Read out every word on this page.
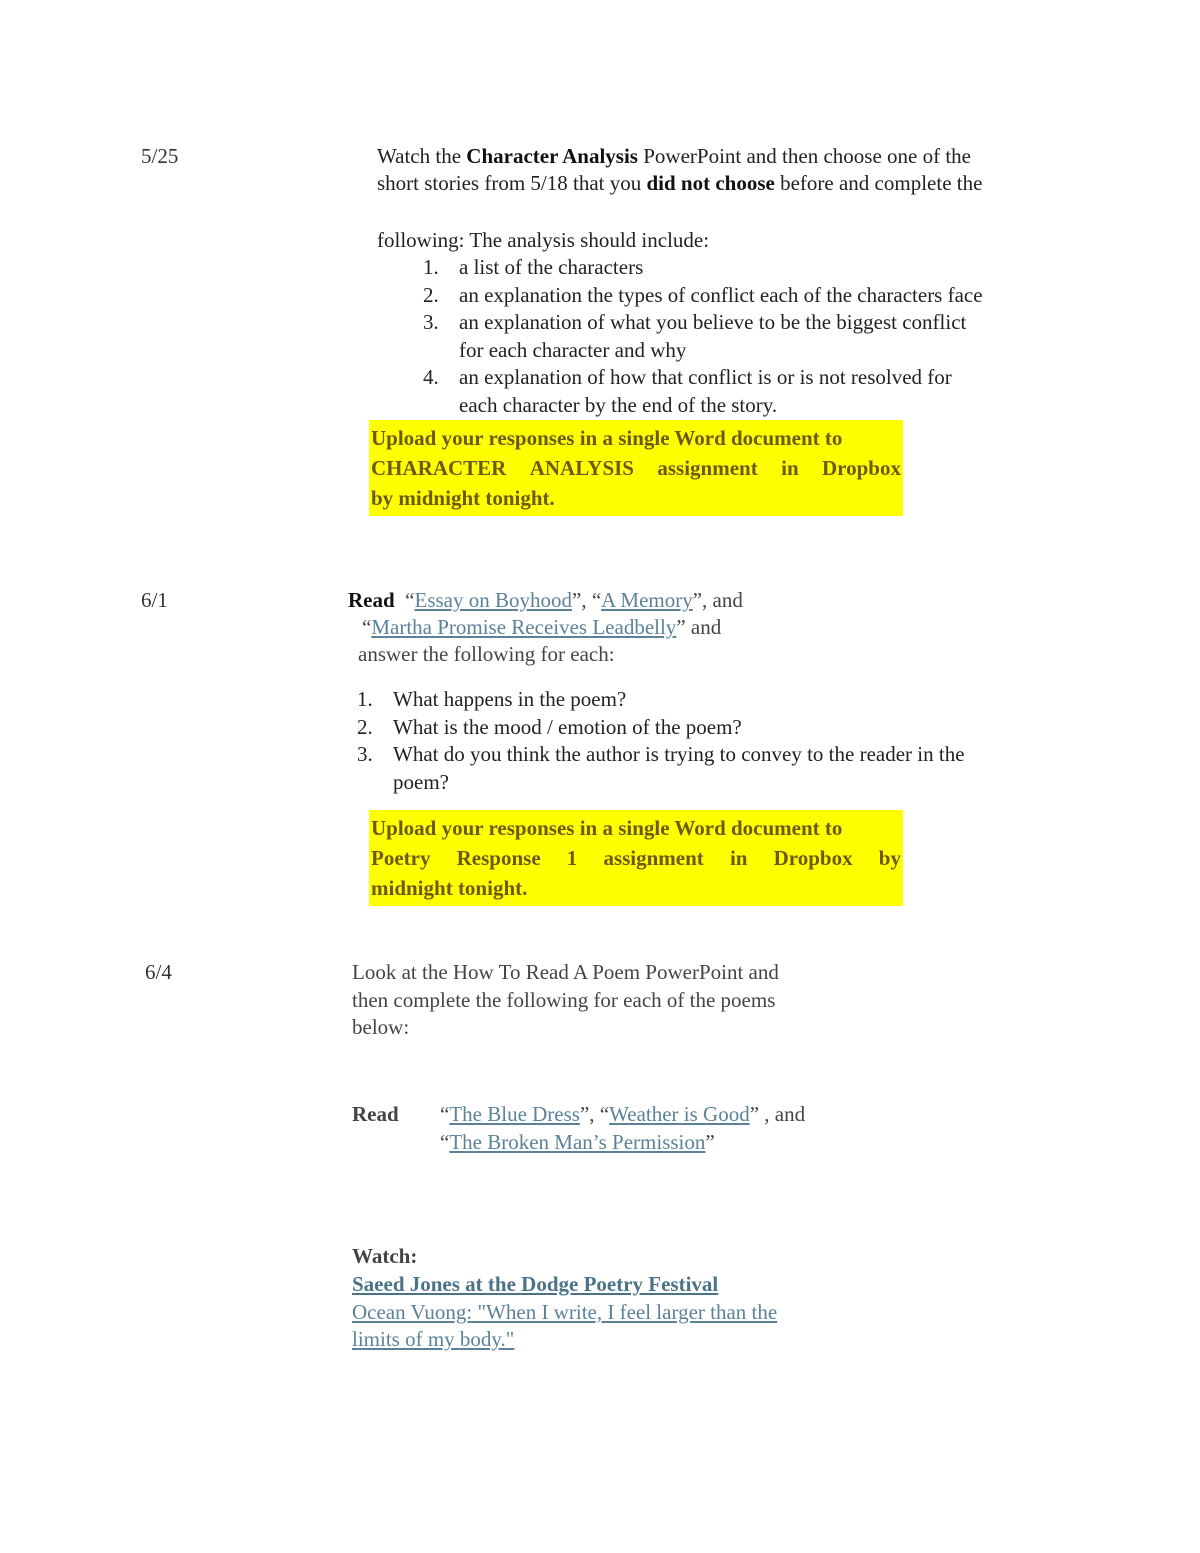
5/25	Watch the Character Analysis PowerPoint and then choose one of the
short stories from 5/18 that you did not choose before and complete the
following: The analysis should include:
1. a list of the characters
2. an explanation the types of conflict each of the characters face
3. an explanation of what you believe to be the biggest conflict
for each character and why
4. an explanation of how that conflict is or is not resolved for
each character by the end of the story.
Upload your responses in a single Word document to
CHARACTER ANALYSIS assignment in Dropbox
by midnight tonight.
6/1	Read “Essay on Boyhood”, “A Memory”, and
“Martha Promise Receives Leadbelly” and
answer the following for each:
1. What happens in the poem?
2. What is the mood / emotion of the poem?
3. What do you think the author is trying to convey to the reader in the
poem?
Upload your responses in a single Word document to
Poetry Response 1 assignment in Dropbox by
midnight tonight.
6/4	Look at the How To Read A Poem PowerPoint and
then complete the following for each of the poems
below:
Read “The Blue Dress”, “Weather is Good” , and
“The Broken Man’s Permission”
Watch:
Saeed Jones at the Dodge Poetry Festival
Ocean Vuong: "When I write, I feel larger than the
limits of my body."
